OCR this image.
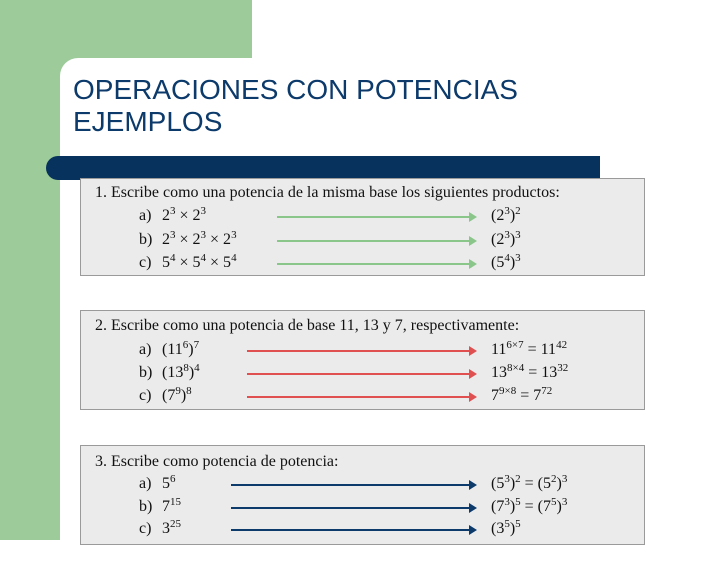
OPERACIONES CON POTENCIAS
EJEMPLOS
1. Escribe como una potencia de la misma base los siguientes productos:
a) $2^3 \times 2^3$	$(2^3)^2$
b) $2^3 \times 2^3 \times 2^3$	$(2^3)^3$
c) $5^4 \times 5^4 \times 5^4$	$(5^4)^3$
2. Escribe como una potencia de base 11, 13 y 7, respectivamente:
a) $(11^6)^7$	$11^{6\times 7} = 11^{42}$
b) $(13^8)^4$	$13^{8\times 4} = 13^{32}$
c) $(7^9)^8$	$7^{9\times 8} = 7^{72}$
3. Escribe como potencia de potencia:
a) $5^6$	$(5^3)^2 = (5^2)^3$
b) $7^{15}$	$(7^3)^5 = (7^5)^3$
c) $3^{25}$	$(3^5)^5$
